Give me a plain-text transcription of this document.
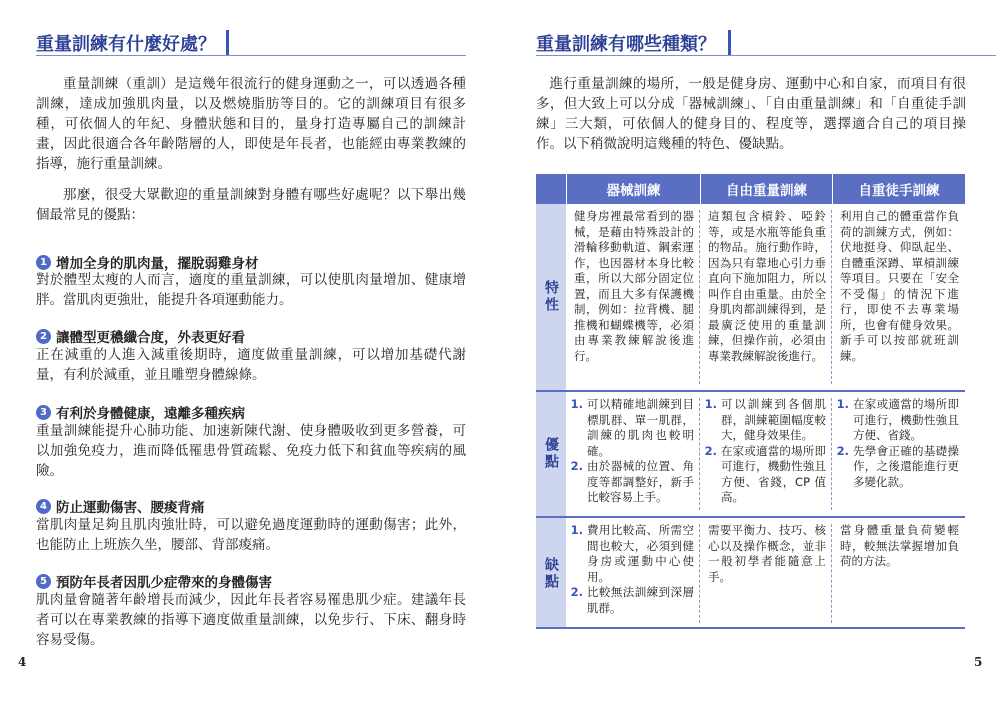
重量訓練有什麼好處？

重量訓練（重訓）是這幾年很流行的健身運動之一，可以透過各種訓練，達成加強肌肉量，以及燃燒脂肪等目的。它的訓練項目有很多種，可依個人的年紀、身體狀態和目的，量身打造專屬自己的訓練計畫，因此很適合各年齡階層的人，即使是年長者，也能經由專業教練的指導，施行重量訓練。

那麼，很受大眾歡迎的重量訓練對身體有哪些好處呢？以下舉出幾個最常見的優點：

1 增加全身的肌肉量，擺脫弱雞身材

對於體型太瘦的人而言，適度的重量訓練，可以使肌肉量增加、健康增胖。當肌肉更強壯，能提升各項運動能力。

2 讓體型更穠纖合度，外表更好看

正在減重的人進入減重後期時，適度做重量訓練，可以增加基礎代謝量，有利於減重，並且雕塑身體線條。

3 有利於身體健康，遠離多種疾病

重量訓練能提升心肺功能、加速新陳代謝、使身體吸收到更多營養，可以加強免疫力，進而降低罹患骨質疏鬆、免疫力低下和貧血等疾病的風險。

4 防止運動傷害、腰痠背痛

當肌肉量足夠且肌肉強壯時，可以避免過度運動時的運動傷害；此外，也能防止上班族久坐，腰部、背部痠痛。

5 預防年長者因肌少症帶來的身體傷害

肌肉量會隨著年齡增長而減少，因此年長者容易罹患肌少症。建議年長者可以在專業教練的指導下適度做重量訓練，以免步行、下床、翻身時容易受傷。

4
重量訓練有哪些種類？

進行重量訓練的場所，一般是健身房、運動中心和自家，而項目有很多，但大致上可以分成「器械訓練」、「自由重量訓練」和「自重徒手訓練」三大類，可依個人的健身目的、程度等，選擇適合自己的項目操作。以下稍微說明這幾種的特色、優缺點。

器械訓練	自由重量訓練	自重徒手訓練
特性
健身房裡最常看到的器械，是藉由特殊設計的滑輪移動軌道、鋼索運作，也因器材本身比較重，所以大部分固定位置，而且大多有保護機制，例如：拉背機、腿推機和蝴蝶機等，必須由專業教練解說後進行。
這類包含槓鈴、啞鈴等，或是水瓶等能負重的物品。施行動作時，因為只有靠地心引力垂直向下施加阻力，所以叫作自由重量。由於全身肌肉都訓練得到，是最廣泛使用的重量訓練，但操作前，必須由專業教練解說後進行。
利用自己的體重當作負荷的訓練方式，例如：伏地挺身、仰臥起坐、自體重深蹲、單槓訓練等項目。只要在「安全不受傷」的情況下進行，即使不去專業場所，也會有健身效果。新手可以按部就班訓練。
優點
1. 可以精確地訓練到目標肌群、單一肌群，訓練的肌肉也較明確。
2. 由於器械的位置、角度等都調整好，新手比較容易上手。
1. 可以訓練到各個肌群，訓練範圍幅度較大，健身效果佳。
2. 在家或適當的場所即可進行，機動性強且方便、省錢，CP 值高。
1. 在家或適當的場所即可進行，機動性強且方便、省錢。
2. 先學會正確的基礎操作，之後還能進行更多變化款。
缺點
1. 費用比較高、所需空間也較大，必須到健身房或運動中心使用。
2. 比較無法訓練到深層肌群。
需要平衡力、技巧、核心以及操作概念，並非一般初學者能隨意上手。
當身體重量負荷變輕時，較無法掌握增加負荷的方法。
5
